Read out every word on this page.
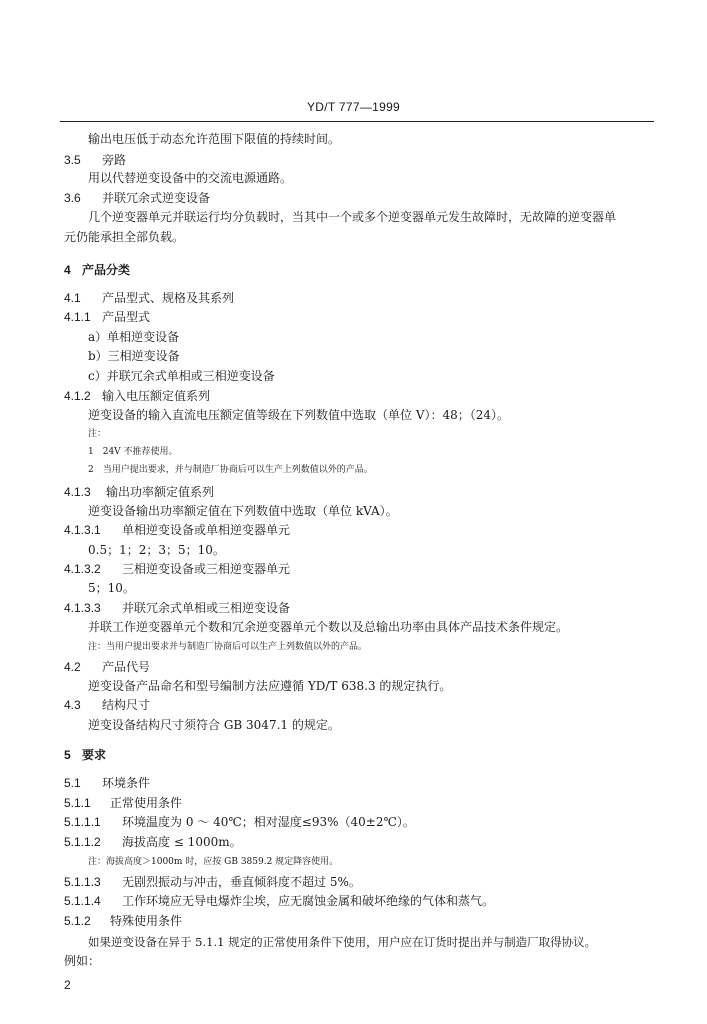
YD/T 777—1999
输出电压低于动态允许范围下限值的持续时间。
3.5 旁路
用以代替逆变设备中的交流电源通路。
3.6 并联冗余式逆变设备
几个逆变器单元并联运行均分负载时，当其中一个或多个逆变器单元发生故障时，无故障的逆变器单
元仍能承担全部负载。
4 产品分类
4.1 产品型式、规格及其系列
4.1.1 产品型式
a）单相逆变设备
b）三相逆变设备
c）并联冗余式单相或三相逆变设备
4.1.2 输入电压额定值系列
逆变设备的输入直流电压额定值等级在下列数值中选取（单位 V）：48；（24）。
注：
1　24V 不推荐使用。
2　当用户提出要求，并与制造厂协商后可以生产上列数值以外的产品。
4.1.3 输出功率额定值系列
逆变设备输出功率额定值在下列数值中选取（单位 kVA）。
4.1.3.1 单相逆变设备或单相逆变器单元
0.5；1；2；3；5；10。
4.1.3.2 三相逆变设备或三相逆变器单元
5；10。
4.1.3.3 并联冗余式单相或三相逆变设备
并联工作逆变器单元个数和冗余逆变器单元个数以及总输出功率由具体产品技术条件规定。
注：当用户提出要求并与制造厂协商后可以生产上列数值以外的产品。
4.2 产品代号
逆变设备产品命名和型号编制方法应遵循 YD/T 638.3 的规定执行。
4.3 结构尺寸
逆变设备结构尺寸须符合 GB 3047.1 的规定。
5 要求
5.1 环境条件
5.1.1 正常使用条件
5.1.1.1 环境温度为 0 ～ 40℃；相对湿度≤93%（40±2℃）。
5.1.1.2 海拔高度 ≤ 1000m。
注：海拔高度＞1000m 时，应按 GB 3859.2 规定降容使用。
5.1.1.3 无剧烈振动与冲击，垂直倾斜度不超过 5%。
5.1.1.4 工作环境应无导电爆炸尘埃，应无腐蚀金属和破坏绝缘的气体和蒸气。
5.1.2 特殊使用条件
如果逆变设备在异于 5.1.1 规定的正常使用条件下使用，用户应在订货时提出并与制造厂取得协议。
例如：
2
